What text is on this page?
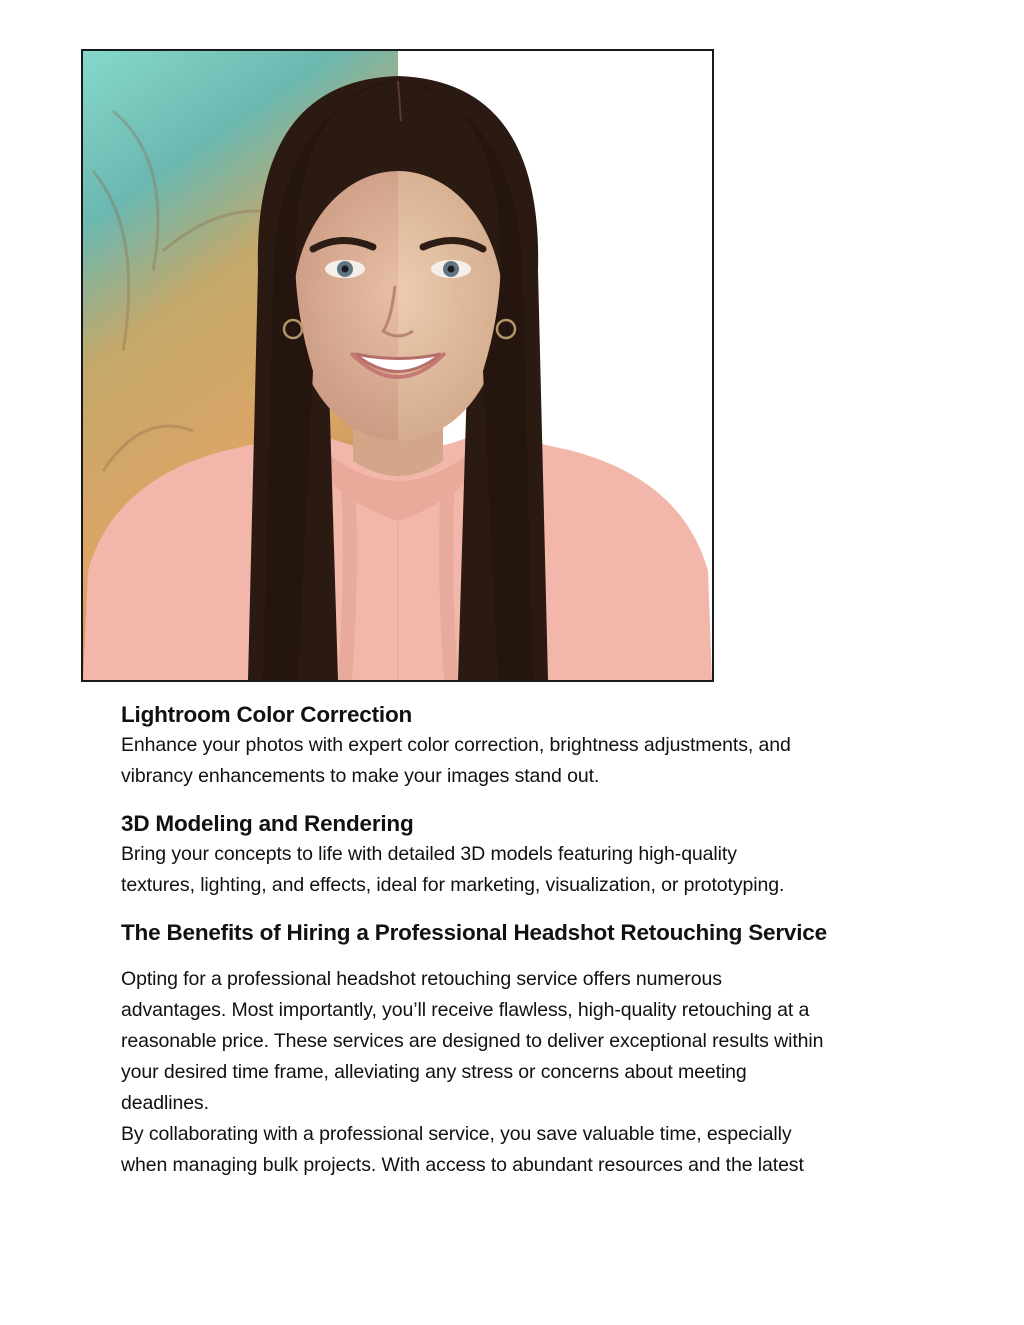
Lightroom Color Correction

Enhance your photos with expert color correction, brightness adjustments, and
vibrancy enhancements to make your images stand out.

3D Modeling and Rendering

Bring your concepts to life with detailed 3D models featuring high-quality
textures, lighting, and effects, ideal for marketing, visualization, or prototyping.

The Benefits of Hiring a Professional Headshot Retouching Service

Opting for a professional headshot retouching service offers numerous
advantages. Most importantly, you’ll receive flawless, high-quality retouching at a
reasonable price. These services are designed to deliver exceptional results within
your desired time frame, alleviating any stress or concerns about meeting
deadlines.

By collaborating with a professional service, you save valuable time, especially
when managing bulk projects. With access to abundant resources and the latest
